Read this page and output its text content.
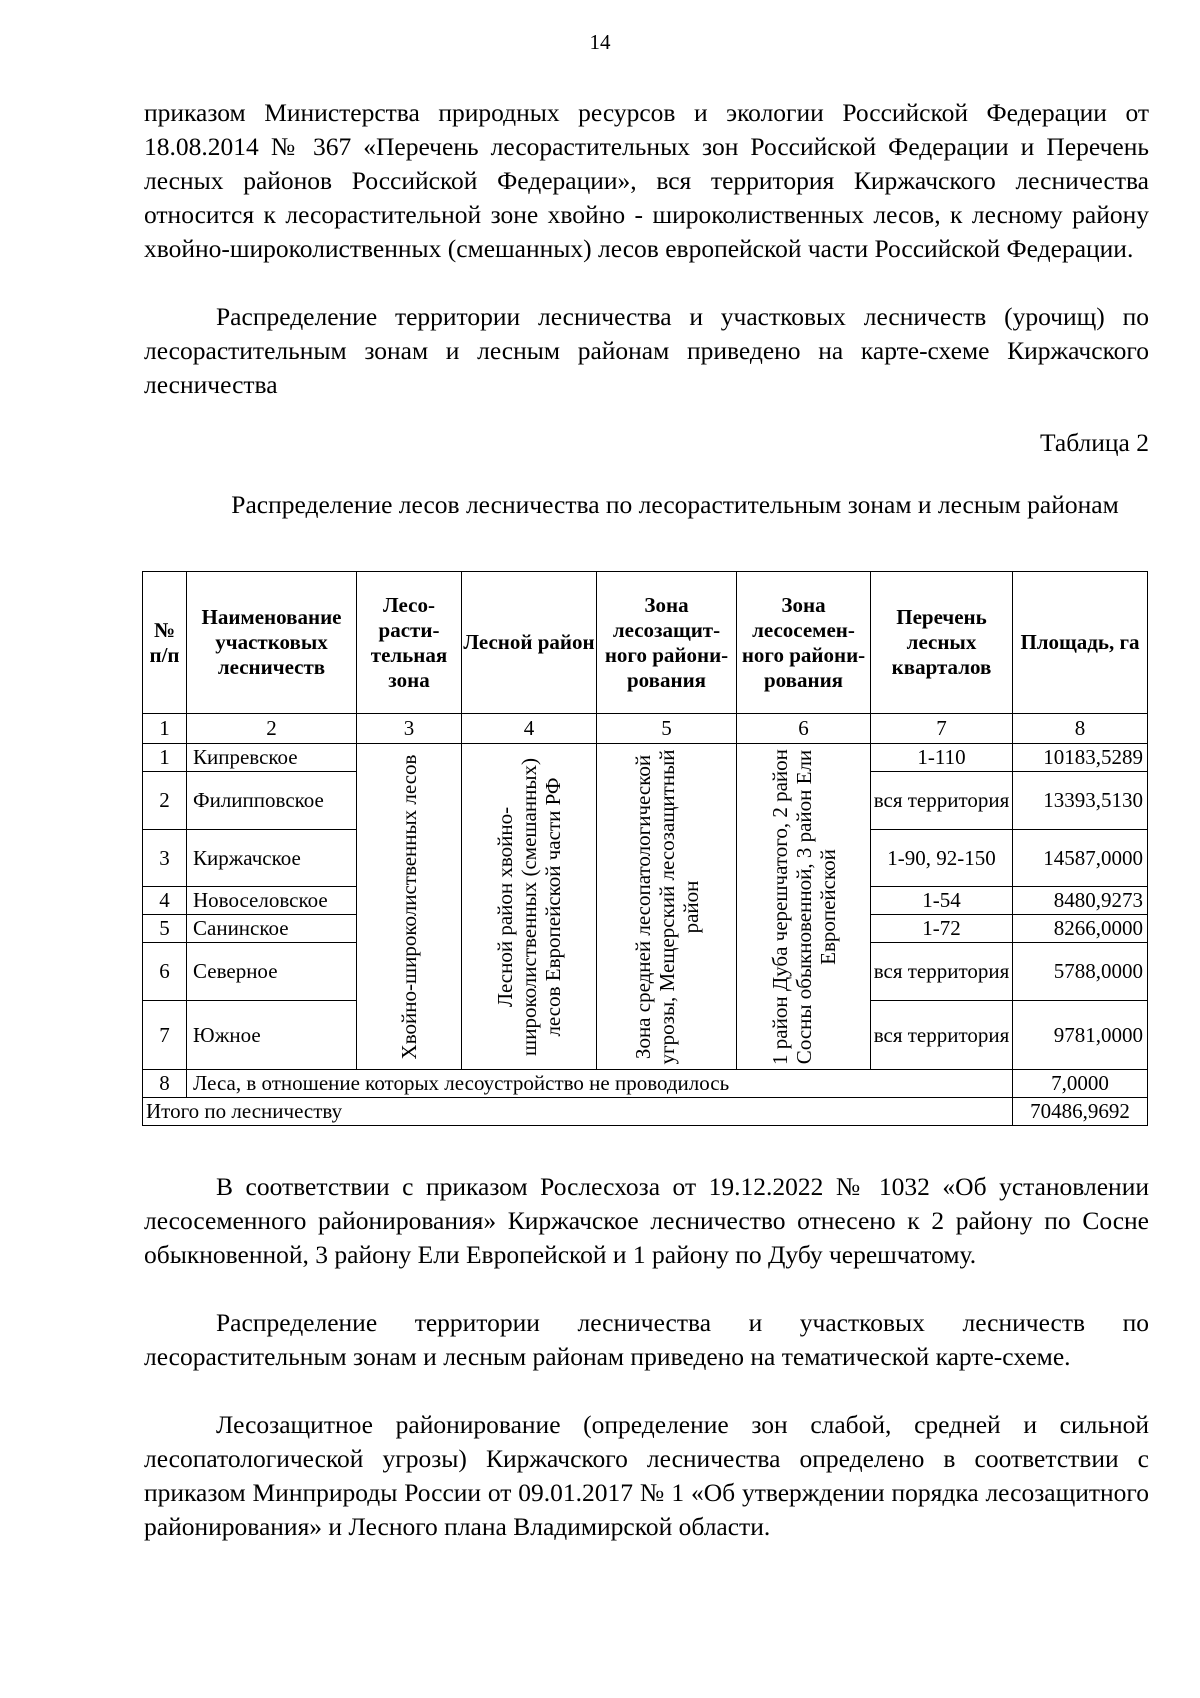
14

приказом Министерства природных ресурсов и экологии Российской Федерации от 18.08.2014 № 367 «Перечень лесорастительных зон Российской Федерации и Перечень лесных районов Российской Федерации», вся территория Киржачского лесничества относится к лесорастительной зоне хвойно - широколиственных лесов, к лесному району хвойно-широколиственных (смешанных) лесов европейской части Российской Федерации.

Распределение территории лесничества и участковых лесничеств (урочищ) по лесорастительным зонам и лесным районам приведено на карте-схеме Киржачского лесничества

Таблица 2

Распределение лесов лесничества по лесорастительным зонам и лесным районам

№ п/п	Наименование участковых лесничеств	Лесо-расти-тельная зона	Лесной район	Зона лесозащит-ного райони-рования	Зона лесосемен-ного райони-рования	Перечень лесных кварталов	Площадь, га
1	2	3	4	5	6	7	8
1	Кипревское	Хвойно-широколиственных лесов	Лесной район хвойно-широколиственных (смешанных) лесов Европейской части РФ	Зона средней лесопатологической угрозы, Мещерский лесозащитный район	1 район Дуба черешчатого, 2 район Сосны обыкновенной, 3 район Ели Европейской	1-110	10183,5289
2	Филипповское					вся территория	13393,5130
3	Киржачское					1-90, 92-150	14587,0000
4	Новоселовское					1-54	8480,9273
5	Санинское					1-72	8266,0000
6	Северное					вся территория	5788,0000
7	Южное					вся территория	9781,0000
8	Леса, в отношение которых лесоустройство не проводилось						7,0000
Итого по лесничеству							70486,9692

В соответствии с приказом Рослесхоза от 19.12.2022 № 1032 «Об установлении лесосеменного районирования» Киржачское лесничество отнесено к 2 району по Сосне обыкновенной, 3 району Ели Европейской и 1 району по Дубу черешчатому.

Распределение территории лесничества и участковых лесничеств по лесорастительным зонам и лесным районам приведено на тематической карте-схеме.

Лесозащитное районирование (определение зон слабой, средней и сильной лесопатологической угрозы) Киржачского лесничества определено в соответствии с приказом Минприроды России от 09.01.2017 № 1 «Об утверждении порядка лесозащитного районирования» и Лесного плана Владимирской области.
